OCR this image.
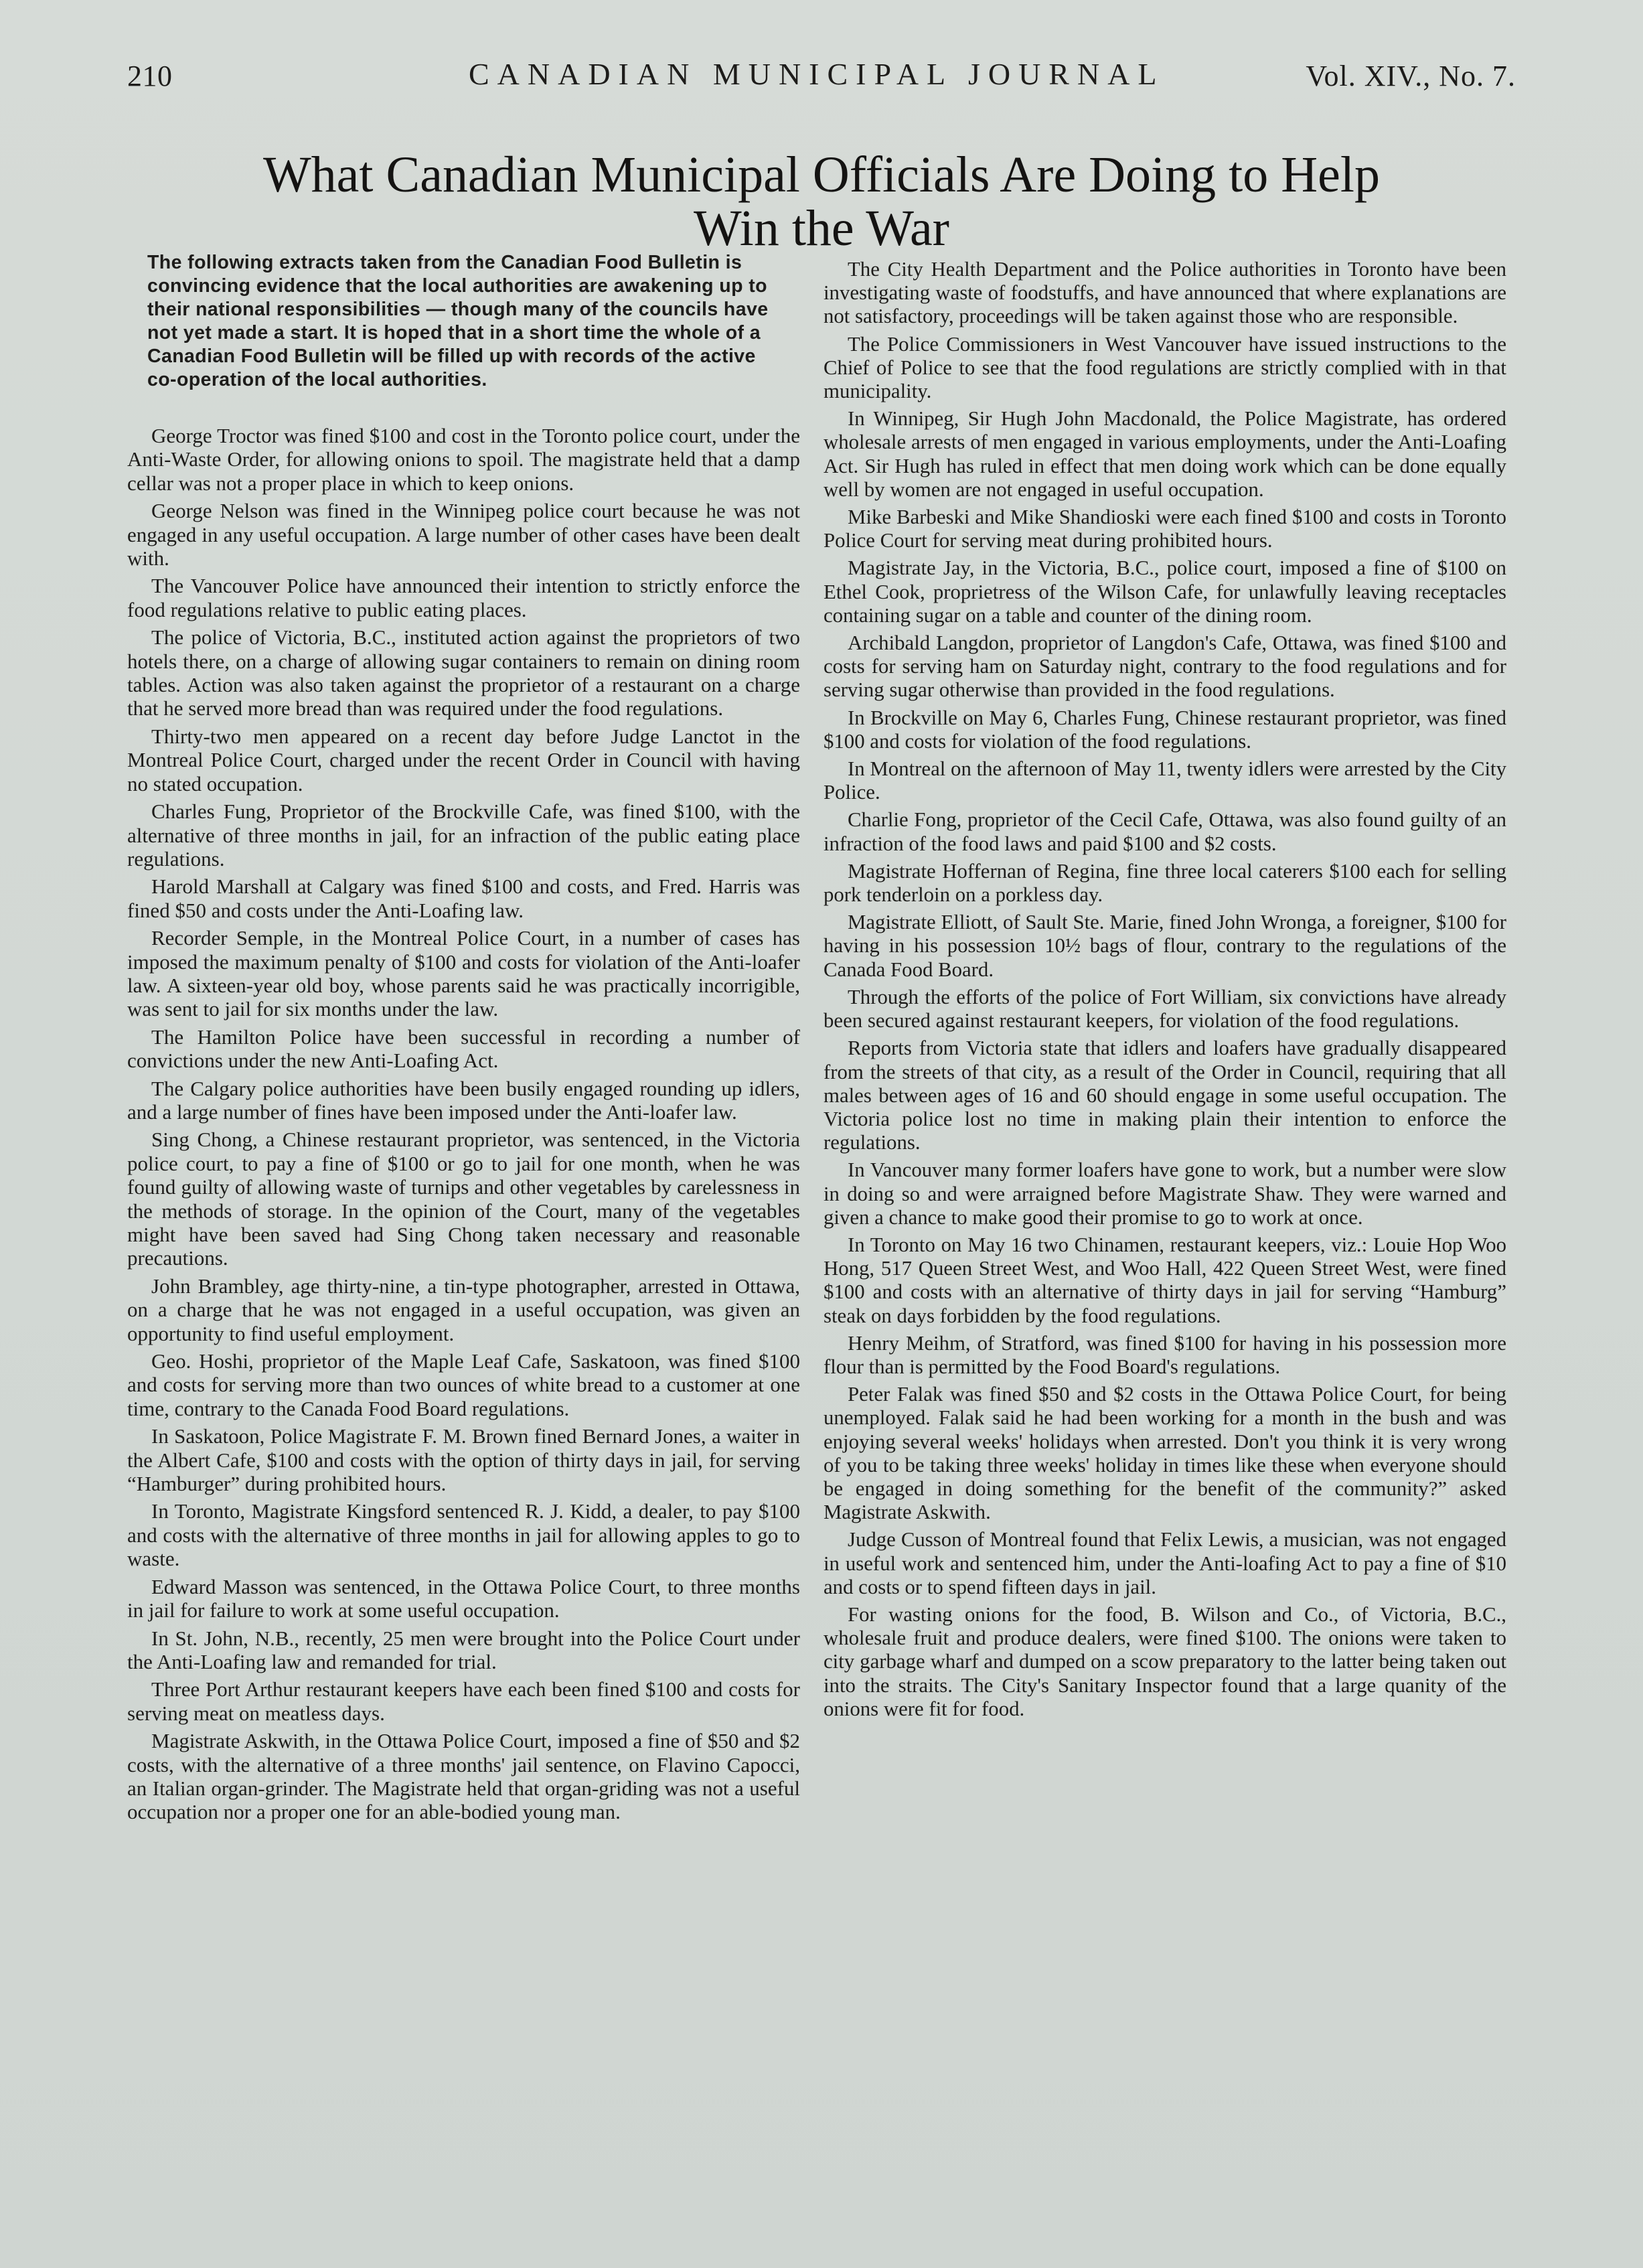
210	CANADIAN MUNICIPAL JOURNAL	Vol. XIV., No. 7.
What Canadian Municipal Officials Are Doing to Help
Win the War
The following extracts taken from the Canadian Food Bulletin is convincing evidence that the local authorities are awakening up to their national responsibilities — though many of the councils have not yet made a start. It is hoped that in a short time the whole of a Canadian Food Bulletin will be filled up with records of the active co-operation of the local authorities.

George Troctor was fined $100 and cost in the Toronto police court, under the Anti-Waste Order, for allowing onions to spoil. The magistrate held that a damp cellar was not a proper place in which to keep onions.

George Nelson was fined in the Winnipeg police court because he was not engaged in any useful occupation. A large number of other cases have been dealt with.

The Vancouver Police have announced their intention to strictly enforce the food regulations relative to public eating places.

The police of Victoria, B.C., instituted action against the proprietors of two hotels there, on a charge of allowing sugar containers to remain on dining room tables. Action was also taken against the proprietor of a restaurant on a charge that he served more bread than was required under the food regulations.

Thirty-two men appeared on a recent day before Judge Lanctot in the Montreal Police Court, charged under the recent Order in Council with having no stated occupation.

Charles Fung, Proprietor of the Brockville Cafe, was fined $100, with the alternative of three months in jail, for an infraction of the public eating place regulations.

Harold Marshall at Calgary was fined $100 and costs, and Fred. Harris was fined $50 and costs under the Anti-Loafing law.

Recorder Semple, in the Montreal Police Court, in a number of cases has imposed the maximum penalty of $100 and costs for violation of the Anti-loafer law. A sixteen-year old boy, whose parents said he was practically incorrigible, was sent to jail for six months under the law.

The Hamilton Police have been successful in recording a number of convictions under the new Anti-Loafing Act.

The Calgary police authorities have been busily engaged rounding up idlers, and a large number of fines have been imposed under the Anti-loafer law.

Sing Chong, a Chinese restaurant proprietor, was sentenced, in the Victoria police court, to pay a fine of $100 or go to jail for one month, when he was found guilty of allowing waste of turnips and other vegetables by carelessness in the methods of storage. In the opinion of the Court, many of the vegetables might have been saved had Sing Chong taken necessary and reasonable precautions.

John Brambley, age thirty-nine, a tin-type photographer, arrested in Ottawa, on a charge that he was not engaged in a useful occupation, was given an opportunity to find useful employment.

Geo. Hoshi, proprietor of the Maple Leaf Cafe, Saskatoon, was fined $100 and costs for serving more than two ounces of white bread to a customer at one time, contrary to the Canada Food Board regulations.

In Saskatoon, Police Magistrate F. M. Brown fined Bernard Jones, a waiter in the Albert Cafe, $100 and costs with the option of thirty days in jail, for serving “Hamburger” during prohibited hours.

In Toronto, Magistrate Kingsford sentenced R. J. Kidd, a dealer, to pay $100 and costs with the alternative of three months in jail for allowing apples to go to waste.

Edward Masson was sentenced, in the Ottawa Police Court, to three months in jail for failure to work at some useful occupation.

In St. John, N.B., recently, 25 men were brought into the Police Court under the Anti-Loafing law and remanded for trial.

Three Port Arthur restaurant keepers have each been fined $100 and costs for serving meat on meatless days.

Magistrate Askwith, in the Ottawa Police Court, imposed a fine of $50 and $2 costs, with the alternative of a three months' jail sentence, on Flavino Capocci, an Italian organ-grinder. The Magistrate held that organ-griding was not a useful occupation nor a proper one for an able-bodied young man.

The City Health Department and the Police authorities in Toronto have been investigating waste of foodstuffs, and have announced that where explanations are not satisfactory, proceedings will be taken against those who are responsible.

The Police Commissioners in West Vancouver have issued instructions to the Chief of Police to see that the food regulations are strictly complied with in that municipality.

In Winnipeg, Sir Hugh John Macdonald, the Police Magistrate, has ordered wholesale arrests of men engaged in various employments, under the Anti-Loafing Act. Sir Hugh has ruled in effect that men doing work which can be done equally well by women are not engaged in useful occupation.

Mike Barbeski and Mike Shandioski were each fined $100 and costs in Toronto Police Court for serving meat during prohibited hours.

Magistrate Jay, in the Victoria, B.C., police court, imposed a fine of $100 on Ethel Cook, proprietress of the Wilson Cafe, for unlawfully leaving receptacles containing sugar on a table and counter of the dining room.

Archibald Langdon, proprietor of Langdon's Cafe, Ottawa, was fined $100 and costs for serving ham on Saturday night, contrary to the food regulations and for serving sugar otherwise than provided in the food regulations.

In Brockville on May 6, Charles Fung, Chinese restaurant proprietor, was fined $100 and costs for violation of the food regulations.

In Montreal on the afternoon of May 11, twenty idlers were arrested by the City Police.

Charlie Fong, proprietor of the Cecil Cafe, Ottawa, was also found guilty of an infraction of the food laws and paid $100 and $2 costs.

Magistrate Hoffernan of Regina, fine three local caterers $100 each for selling pork tenderloin on a porkless day.

Magistrate Elliott, of Sault Ste. Marie, fined John Wronga, a foreigner, $100 for having in his possession 10½ bags of flour, contrary to the regulations of the Canada Food Board.

Through the efforts of the police of Fort William, six convictions have already been secured against restaurant keepers, for violation of the food regulations.

Reports from Victoria state that idlers and loafers have gradually disappeared from the streets of that city, as a result of the Order in Council, requiring that all males between ages of 16 and 60 should engage in some useful occupation. The Victoria police lost no time in making plain their intention to enforce the regulations.

In Vancouver many former loafers have gone to work, but a number were slow in doing so and were arraigned before Magistrate Shaw. They were warned and given a chance to make good their promise to go to work at once.

In Toronto on May 16 two Chinamen, restaurant keepers, viz.: Louie Hop Woo Hong, 517 Queen Street West, and Woo Hall, 422 Queen Street West, were fined $100 and costs with an alternative of thirty days in jail for serving “Hamburg” steak on days forbidden by the food regulations.

Henry Meihm, of Stratford, was fined $100 for having in his possession more flour than is permitted by the Food Board's regulations.

Peter Falak was fined $50 and $2 costs in the Ottawa Police Court, for being unemployed. Falak said he had been working for a month in the bush and was enjoying several weeks' holidays when arrested. Don't you think it is very wrong of you to be taking three weeks' holiday in times like these when everyone should be engaged in doing something for the benefit of the community?” asked Magistrate Askwith.

Judge Cusson of Montreal found that Felix Lewis, a musician, was not engaged in useful work and sentenced him, under the Anti-loafing Act to pay a fine of $10 and costs or to spend fifteen days in jail.

For wasting onions for the food, B. Wilson and Co., of Victoria, B.C., wholesale fruit and produce dealers, were fined $100. The onions were taken to city garbage wharf and dumped on a scow preparatory to the latter being taken out into the straits. The City's Sanitary Inspector found that a large quanity of the onions were fit for food.
